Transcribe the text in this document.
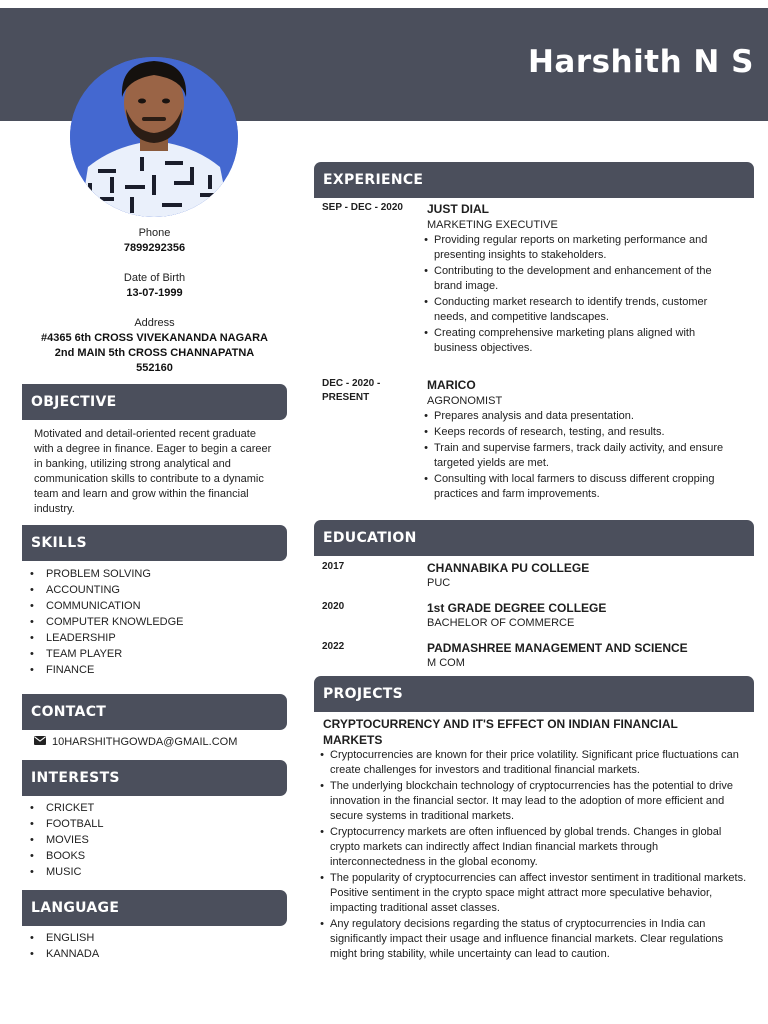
Harshith N S
Phone
7899292356
Date of Birth
13-07-1999
Address
#4365 6th CROSS VIVEKANANDA NAGARA
2nd MAIN 5th CROSS CHANNAPATNA
552160
OBJECTIVE
Motivated and detail-oriented recent graduate with a degree in finance. Eager to begin a career in banking, utilizing strong analytical and communication skills to contribute to a dynamic team and learn and grow within the financial industry.
SKILLS
• PROBLEM SOLVING
• ACCOUNTING
• COMMUNICATION
• COMPUTER KNOWLEDGE
• LEADERSHIP
• TEAM PLAYER
• FINANCE
CONTACT
10HARSHITHGOWDA@GMAIL.COM
INTERESTS
• CRICKET
• FOOTBALL
• MOVIES
• BOOKS
• MUSIC
LANGUAGE
• ENGLISH
• KANNADA
EXPERIENCE
SEP - DEC - 2020	JUST DIAL
MARKETING EXECUTIVE
• Providing regular reports on marketing performance and presenting insights to stakeholders.
• Contributing to the development and enhancement of the brand image.
• Conducting market research to identify trends, customer needs, and competitive landscapes.
• Creating comprehensive marketing plans aligned with business objectives.
DEC - 2020 -
PRESENT
MARICO
AGRONOMIST
• Prepares analysis and data presentation.
• Keeps records of research, testing, and results.
• Train and supervise farmers, track daily activity, and ensure targeted yields are met.
• Consulting with local farmers to discuss different cropping practices and farm improvements.
EDUCATION
2017	CHANNABIKA PU COLLEGE
PUC
2020	1st GRADE DEGREE COLLEGE
BACHELOR OF COMMERCE
2022	PADMASHREE MANAGEMENT AND SCIENCE
M COM
PROJECTS
CRYPTOCURRENCY AND IT'S EFFECT ON INDIAN FINANCIAL MARKETS
• Cryptocurrencies are known for their price volatility. Significant price fluctuations can create challenges for investors and traditional financial markets.
• The underlying blockchain technology of cryptocurrencies has the potential to drive innovation in the financial sector. It may lead to the adoption of more efficient and secure systems in traditional markets.
• Cryptocurrency markets are often influenced by global trends. Changes in global crypto markets can indirectly affect Indian financial markets through interconnectedness in the global economy.
• The popularity of cryptocurrencies can affect investor sentiment in traditional markets. Positive sentiment in the crypto space might attract more speculative behavior, impacting traditional asset classes.
• Any regulatory decisions regarding the status of cryptocurrencies in India can significantly impact their usage and influence financial markets. Clear regulations might bring stability, while uncertainty can lead to caution.
